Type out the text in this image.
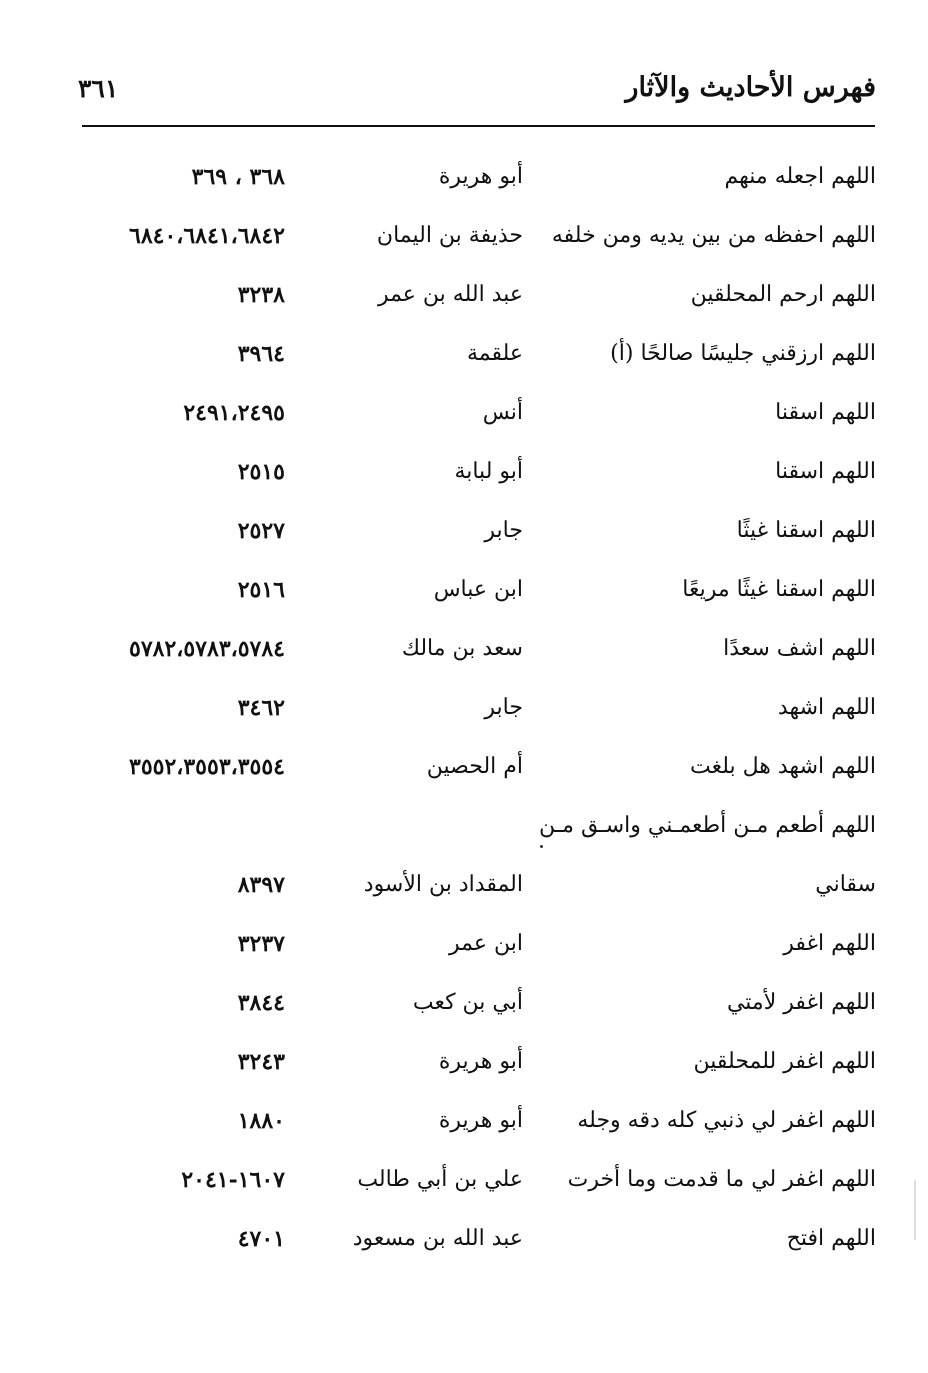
فهرس الأحاديث والآثار
٣٦١
اللهم اجعله منهم
أبو هريرة
٣٦٨ ، ٣٦٩
اللهم احفظه من بين يديه ومن خلفه
حذيفة بن اليمان
٦٨٤٠،٦٨٤١،٦٨٤٢
اللهم ارحم المحلقين
عبد الله بن عمر
٣٢٣٨
اللهم ارزقني جليسًا صالحًا (أ)
علقمة
٣٩٦٤
اللهم اسقنا
أنس
٢٤٩١،٢٤٩٥
اللهم اسقنا
أبو لبابة
٢٥١٥
اللهم اسقنا غيثًا
جابر
٢٥٢٧
اللهم اسقنا غيثًا مريعًا
ابن عباس
٢٥١٦
اللهم اشف سعدًا
سعد بن مالك
٥٧٨٢،٥٧٨٣،٥٧٨٤
اللهم اشهد
جابر
٣٤٦٢
اللهم اشهد هل بلغت
أم الحصين
٣٥٥٢،٣٥٥٣،٣٥٥٤
اللهم أطعم مـن أطعمـني واسـق مـن
سقاني
المقداد بن الأسود
٨٣٩٧
اللهم اغفر
ابن عمر
٣٢٣٧
اللهم اغفر لأمتي
أبي بن كعب
٣٨٤٤
اللهم اغفر للمحلقين
أبو هريرة
٣٢٤٣
اللهم اغفر لي ذنبي كله دقه وجله
أبو هريرة
١٨٨٠
اللهم اغفر لي ما قدمت وما أخرت
علي بن أبي طالب
١٦٠٧-٢٠٤١
اللهم افتح
عبد الله بن مسعود
٤٧٠١
